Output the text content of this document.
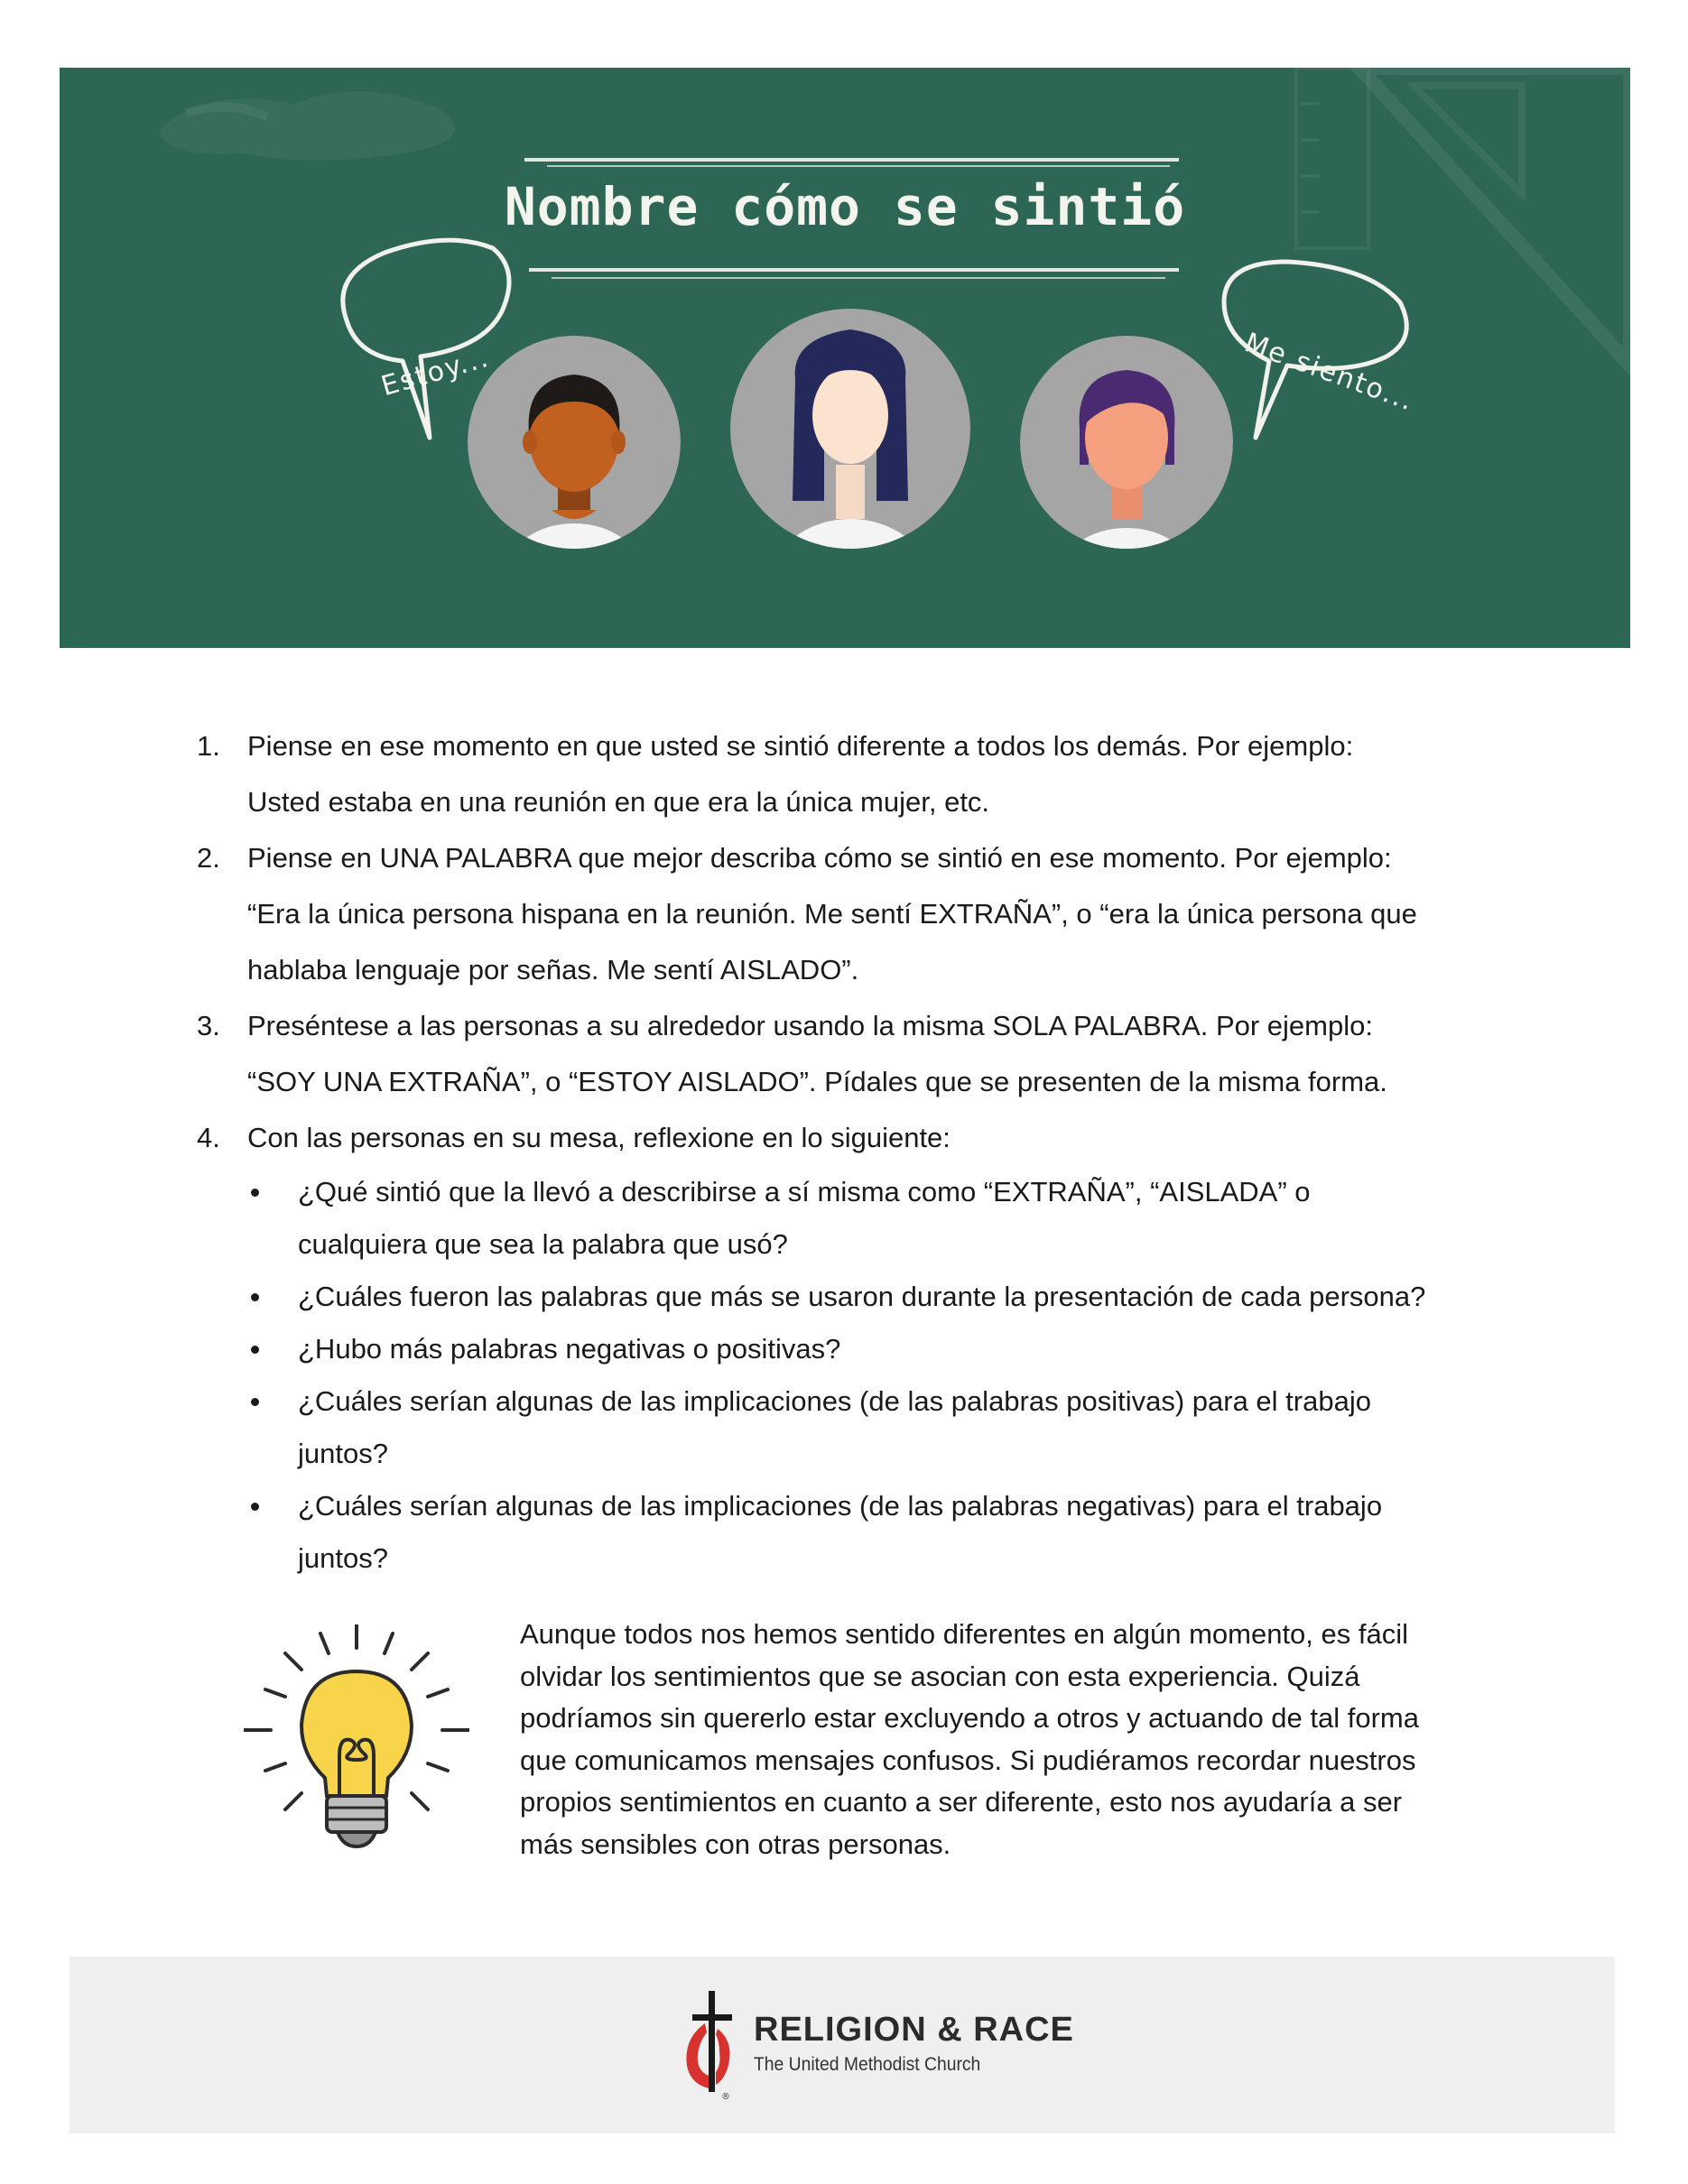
Nombre cómo se sintió
Estoy...	Me siento...
1. Piense en ese momento en que usted se sintió diferente a todos los demás. Por ejemplo:
Usted estaba en una reunión en que era la única mujer, etc.
2. Piense en UNA PALABRA que mejor describa cómo se sintió en ese momento. Por ejemplo:
“Era la única persona hispana en la reunión. Me sentí EXTRAÑA”, o “era la única persona que
hablaba lenguaje por señas. Me sentí AISLADO”.
3. Preséntese a las personas a su alrededor usando la misma SOLA PALABRA. Por ejemplo:
“SOY UNA EXTRAÑA”, o “ESTOY AISLADO”. Pídales que se presenten de la misma forma.
4. Con las personas en su mesa, reflexione en lo siguiente:
¿Qué sintió que la llevó a describirse a sí misma como “EXTRAÑA”, “AISLADA” o
cualquiera que sea la palabra que usó?
¿Cuáles fueron las palabras que más se usaron durante la presentación de cada persona?
¿Hubo más palabras negativas o positivas?
¿Cuáles serían algunas de las implicaciones (de las palabras positivas) para el trabajo
juntos?
¿Cuáles serían algunas de las implicaciones (de las palabras negativas) para el trabajo
juntos?
Aunque todos nos hemos sentido diferentes en algún momento, es fácil
olvidar los sentimientos que se asocian con esta experiencia. Quizá
podríamos sin quererlo estar excluyendo a otros y actuando de tal forma
que comunicamos mensajes confusos. Si pudiéramos recordar nuestros
propios sentimientos en cuanto a ser diferente, esto nos ayudaría a ser
más sensibles con otras personas.
®
RELIGION & RACE
The United Methodist Church
